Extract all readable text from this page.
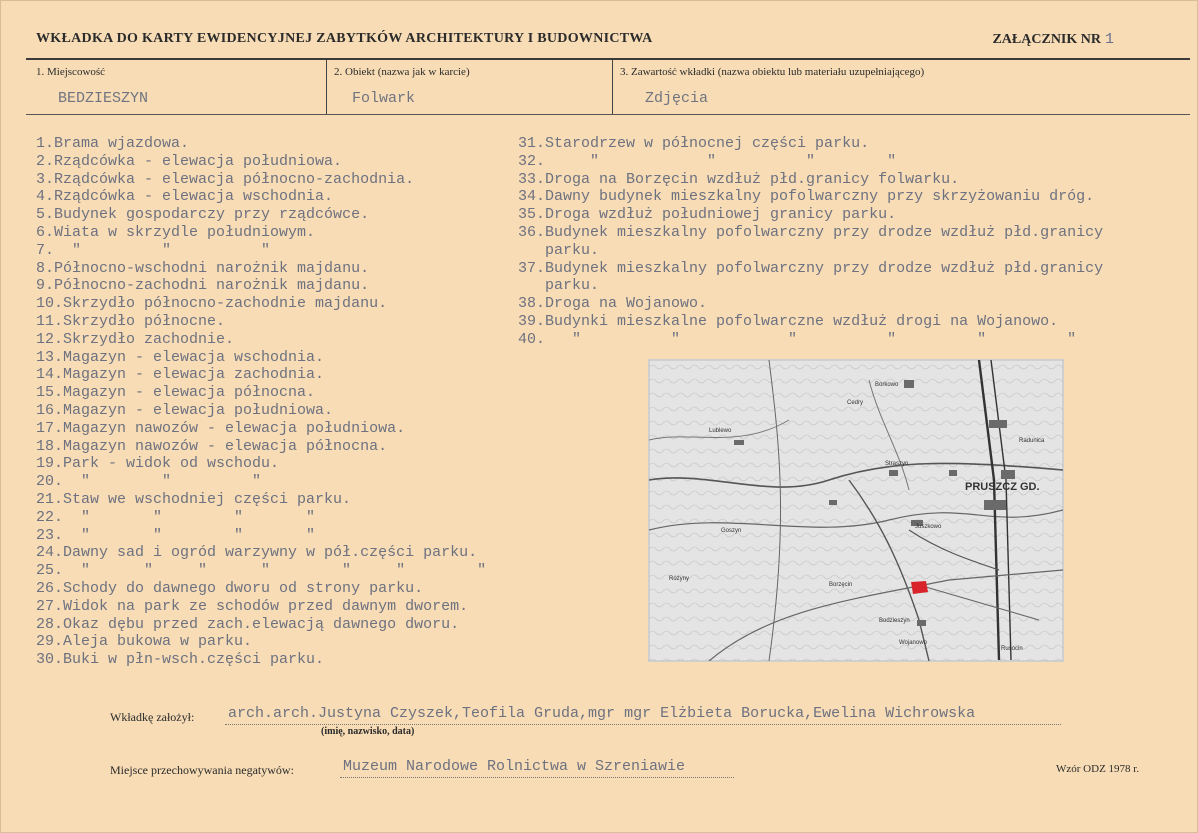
WKŁADKA DO KARTY EWIDENCYJNEJ ZABYTKÓW ARCHITEKTURY I BUDOWNICTWA	ZAŁĄCZNIK NR 1
1. Miejscowość
BEDZIESZYN
2. Obiekt (nazwa jak w karcie)
Folwark
3. Zawartość wkładki (nazwa obiektu lub materiału uzupełniającego)
Zdjęcia
1. Brama wjazdowa.
2. Rządcówka - elewacja południowa.
3. Rządcówka - elewacja północno-zachodnia.
4. Rządcówka - elewacja wschodnia.
5. Budynek gospodarczy przy rządcówce.
6. Wiata w skrzydle południowym.
7. "         "          "
8. Północno-wschodni narożnik majdanu.
9. Północno-zachodni narożnik majdanu.
10. Skrzydło północno-zachodnie majdanu.
11. Skrzydło północne.
12. Skrzydło zachodnie.
13. Magazyn - elewacja wschodnia.
14. Magazyn - elewacja zachodnia.
15. Magazyn - elewacja północna.
16. Magazyn - elewacja południowa.
17. Magazyn nawozów - elewacja południowa.
18. Magazyn nawozów - elewacja północna.
19. Park - widok od wschodu.
20. "        "         "
21. Staw we wschodniej części parku.
22. "       "        "       "
23. "       "        "       "
24. Dawny sad i ogród warzywny w pół.części parku.
25. "      "     "      "        "     "        "
26. Schody do dawnego dworu od strony parku.
27. Widok na park ze schodów przed dawnym dworem.
28. Okaz dębu przed zach.elewacją dawnego dworu.
29. Aleja bukowa w parku.
30. Buki w płn-wsch.części parku.
31. Starodrzew w północnej części parku.
32. "            "          "        "
33. Droga na Borzęcin wzdłuż płd.granicy folwarku.
34. Dawny budynek mieszkalny pofolwarczny przy skrzyżowaniu dróg.
35. Droga wzdłuż południowej granicy parku.
36. Budynek mieszkalny pofolwarczny przy drodze wzdłuż płd.granicy

parku.
37. Budynek mieszkalny pofolwarczny przy drodze wzdłuż płd.granicy

parku.
38. Droga na Wojanowo.
39. Budynki mieszkalne pofolwarczne wzdłuż drogi na Wojanowo.
40. "          "            "          "         "         "
PRUSZCZ GD.
Juszkowo
Straszyn
Bodzieszyn
Wojanowo
Borzęcin
Rusocin
Lublewo
Różyny
Borkowo
Cedry
Radunica
Goszyn
Wkładkę założył: arch.arch.Justyna Czyszek,Teofila Gruda,mgr mgr Elżbieta Borucka,Ewelina Wichrowska
(imię, nazwisko, data)
Miejsce przechowywania negatywów:	Muzeum Narodowe Rolnictwa w Szreniawie	Wzór ODZ 1978 r.
